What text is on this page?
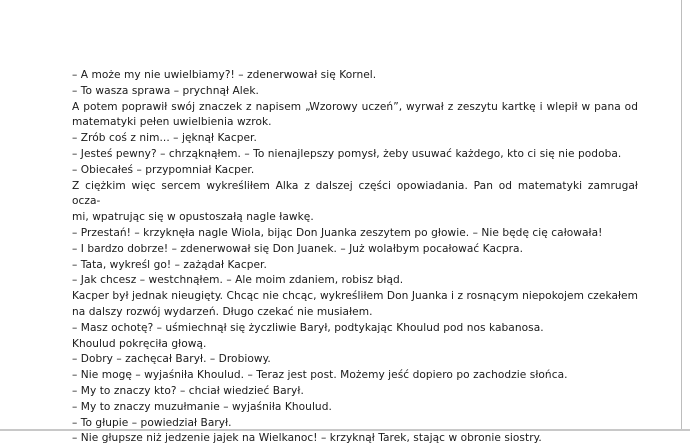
– A może my nie uwielbiamy?! – zdenerwował się Kornel.
– To wasza sprawa – prychnął Alek.
A potem poprawił swój znaczek z napisem „Wzorowy uczeń”, wyrwał z zeszytu kartkę i wlepił w pana od
matematyki pełen uwielbienia wzrok.
– Zrób coś z nim... – jęknął Kacper.
– Jesteś pewny? – chrząknąłem. – To nienajlepszy pomysł, żeby usuwać każdego, kto ci się nie podoba.
– Obiecałeś – przypomniał Kacper.
Z ciężkim więc sercem wykreśliłem Alka z dalszej części opowiadania. Pan od matematyki zamrugał ocza-
mi, wpatrując się w opustoszałą nagle ławkę.
– Przestań! – krzyknęła nagle Wiola, bijąc Don Juanka zeszytem po głowie. – Nie będę cię całowała!
– I bardzo dobrze! – zdenerwował się Don Juanek. – Już wolałbym pocałować Kacpra.
– Tata, wykreśl go! – zażądał Kacper.
– Jak chcesz – westchnąłem. – Ale moim zdaniem, robisz błąd.
Kacper był jednak nieugięty. Chcąc nie chcąc, wykreśliłem Don Juanka i z rosnącym niepokojem czekałem
na dalszy rozwój wydarzeń. Długo czekać nie musiałem.
– Masz ochotę? – uśmiechnął się życzliwie Barył, podtykając Khoulud pod nos kabanosa.
Khoulud pokręciła głową.
– Dobry – zachęcał Barył. – Drobiowy.
– Nie mogę – wyjaśniła Khoulud. – Teraz jest post. Możemy jeść dopiero po zachodzie słońca.
– My to znaczy kto? – chciał wiedzieć Barył.
– My to znaczy muzułmanie – wyjaśniła Khoulud.
– To głupie – powiedział Barył.
– Nie głupsze niż jedzenie jajek na Wielkanoc! – krzyknął Tarek, stając w obronie siostry.
